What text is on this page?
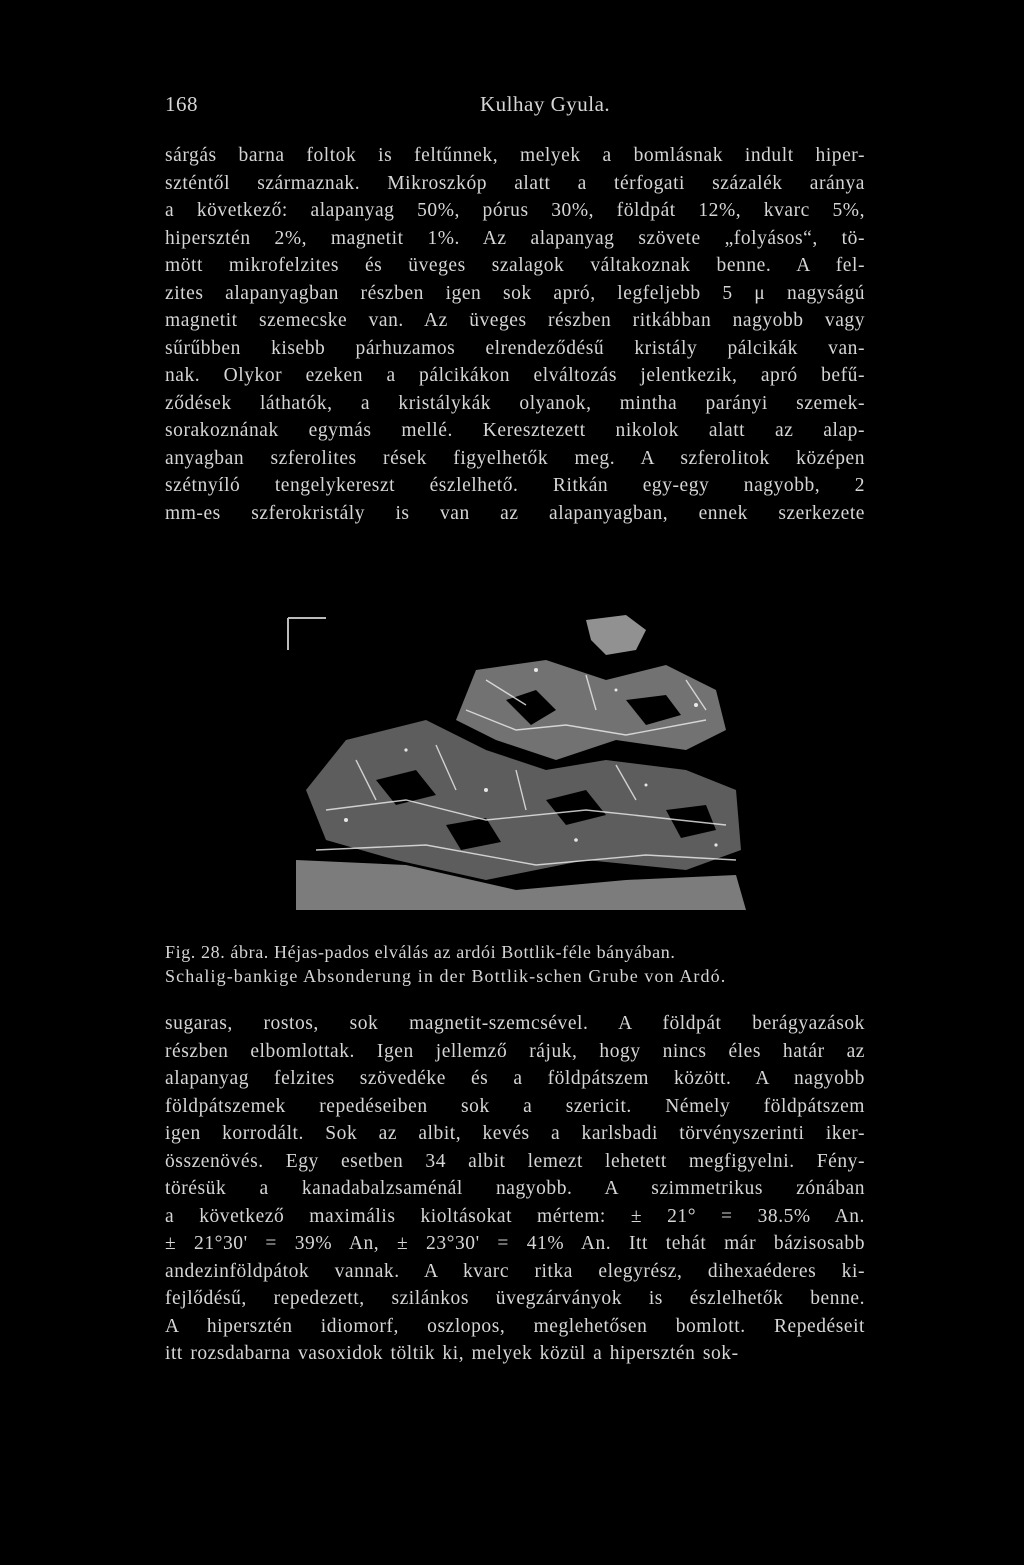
168	Kulhay Gyula.
sárgás barna foltok is feltűnnek, melyek a bomlásnak indult hiper-
szténtől származnak. Mikroszkóp alatt a térfogati százalék aránya
a következő: alapanyag 50%, pórus 30%, földpát 12%, kvarc 5%,
hipersztén 2%, magnetit 1%. Az alapanyag szövete „folyásos“, tö-
mött mikrofelzites és üveges szalagok váltakoznak benne. A fel-
zites alapanyagban részben igen sok apró, legfeljebb 5 μ nagyságú
magnetit szemecske van. Az üveges részben ritkábban nagyobb vagy
sűrűbben kisebb párhuzamos elrendeződésű kristály pálcikák van-
nak. Olykor ezeken a pálcikákon elváltozás jelentkezik, apró befű-
ződések láthatók, a kristálykák olyanok, mintha parányi szemek-
sorakoznának egymás mellé. Keresztezett nikolok alatt az alap-
anyagban szferolites rések figyelhetők meg. A szferolitok középen
szétnyíló tengelykereszt észlelhető. Ritkán egy-egy nagyobb, 2
mm-es szferokristály is van az alapanyagban, ennek szerkezete
Fig. 28. ábra. Héjas-pados elválás az ardói Bottlik-féle bányában.
Schalig-bankige Absonderung in der Bottlik-schen Grube von Ardó.
sugaras, rostos, sok magnetit-szemcsével. A földpát berágyazások
részben elbomlottak. Igen jellemző rájuk, hogy nincs éles határ az
alapanyag felzites szövedéke és a földpátszem között. A nagyobb
földpátszemek repedéseiben sok a szericit. Némely földpátszem
igen korrodált. Sok az albit, kevés a karlsbadi törvényszerinti iker-
összenövés. Egy esetben 34 albit lemezt lehetett megfigyelni. Fény-
törésük a kanadabalzsaménál nagyobb. A szimmetrikus zónában
a következő maximális kioltásokat mértem: ± 21° = 38.5% An.
± 21°30' = 39% An, ± 23°30' = 41% An. Itt tehát már bázisosabb
andezinföldpátok vannak. A kvarc ritka elegyrész, dihexaéderes ki-
fejlődésű, repedezett, szilánkos üvegzárványok is észlelhetők benne.
A hipersztén idiomorf, oszlopos, meglehetősen bomlott. Repedéseit
itt rozsdabarna vasoxidok töltik ki, melyek közül a hipersztén sok-
